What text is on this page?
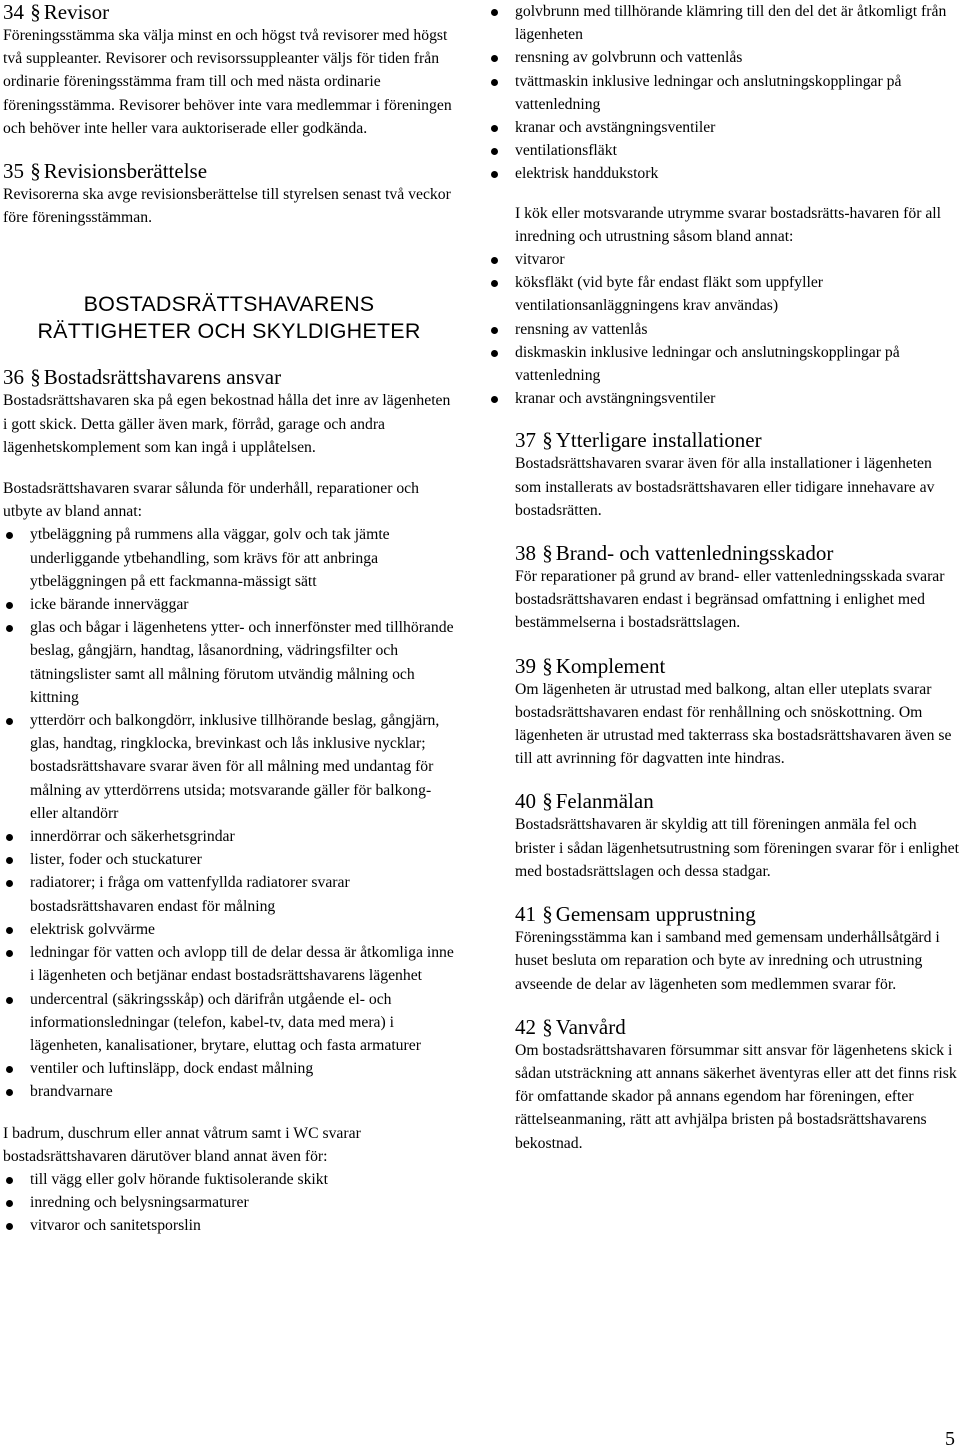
34 § Revisor

Föreningsstämma ska välja minst en och högst två revisorer med högst två suppleanter. Revisorer och revisorssuppleanter väljs för tiden från ordinarie föreningsstämma fram till och med nästa ordinarie föreningsstämma. Revisorer behöver inte vara medlemmar i föreningen och behöver inte heller vara auktoriserade eller godkända.

35 § Revisionsberättelse

Revisorerna ska avge revisionsberättelse till styrelsen senast två veckor före föreningsstämman.

BOSTADSRÄTTSHAVARENS

RÄTTIGHETER OCH SKYLDIGHETER

36 § Bostadsrättshavarens ansvar

Bostadsrättshavaren ska på egen bekostnad hålla det inre av lägenheten i gott skick. Detta gäller även mark, förråd, garage och andra lägenhetskomplement som kan ingå i upplåtelsen.

Bostadsrättshavaren svarar sålunda för underhåll, reparationer och utbyte av bland annat:

ytbeläggning på rummens alla väggar, golv och tak jämte underliggande ytbehandling, som krävs för att anbringa ytbeläggningen på ett fackmanna-mässigt sätt
icke bärande innerväggar
glas och bågar i lägenhetens ytter- och innerfönster med tillhörande beslag, gångjärn, handtag, låsanordning, vädringsfilter och tätningslister samt all målning förutom utvändig målning och kittning
ytterdörr och balkongdörr, inklusive tillhörande beslag, gångjärn, glas, handtag, ringklocka, brevinkast och lås inklusive nycklar; bostadsrättshavare svarar även för all målning med undantag för målning av ytterdörrens utsida; motsvarande gäller för balkong- eller altandörr
innerdörrar och säkerhetsgrindar
lister, foder och stuckaturer
radiatorer; i fråga om vattenfyllda radiatorer svarar bostadsrättshavaren endast för målning
elektrisk golvvärme
ledningar för vatten och avlopp till de delar dessa är åtkomliga inne i lägenheten och betjänar endast bostadsrättshavarens lägenhet
undercentral (säkringsskåp) och därifrån utgående el- och informationsledningar (telefon, kabel-tv, data med mera) i lägenheten, kanalisationer, brytare, eluttag och fasta armaturer
ventiler och luftinsläpp, dock endast målning
brandvarnare

I badrum, duschrum eller annat våtrum samt i WC svarar bostadsrättshavaren därutöver bland annat även för:

till vägg eller golv hörande fuktisolerande skikt
inredning och belysningsarmaturer
vitvaror och sanitetsporslin
golvbrunn med tillhörande klämring till den del det är åtkomligt från lägenheten
rensning av golvbrunn och vattenlås
tvättmaskin inklusive ledningar och anslutningskopplingar på vattenledning
kranar och avstängningsventiler
ventilationsfläkt
elektrisk handdukstork

I kök eller motsvarande utrymme svarar bostadsrätts-havaren för all inredning och utrustning såsom bland annat:

vitvaror
köksfläkt (vid byte får endast fläkt som uppfyller ventilationsanläggningens krav användas)
rensning av vattenlås
diskmaskin inklusive ledningar och anslutningskopplingar på vattenledning
kranar och avstängningsventiler

37 § Ytterligare installationer

Bostadsrättshavaren svarar även för alla installationer i lägenheten som installerats av bostadsrättshavaren eller tidigare innehavare av bostadsrätten.

38 § Brand- och vattenledningsskador

För reparationer på grund av brand- eller vattenledningsskada svarar bostadsrättshavaren endast i begränsad omfattning i enlighet med bestämmelserna i bostadsrättslagen.

39 § Komplement

Om lägenheten är utrustad med balkong, altan eller uteplats svarar bostadsrättshavaren endast för renhållning och snöskottning. Om lägenheten är utrustad med takterrass ska bostadsrättshavaren även se till att avrinning för dagvatten inte hindras.

40 § Felanmälan

Bostadsrättshavaren är skyldig att till föreningen anmäla fel och brister i sådan lägenhetsutrustning som föreningen svarar för i enlighet med bostadsrättslagen och dessa stadgar.

41 § Gemensam upprustning

Föreningsstämma kan i samband med gemensam underhållsåtgärd i huset besluta om reparation och byte av inredning och utrustning avseende de delar av lägenheten som medlemmen svarar för.

42 § Vanvård

Om bostadsrättshavaren försummar sitt ansvar för lägenhetens skick i sådan utsträckning att annans säkerhet äventyras eller att det finns risk för omfattande skador på annans egendom har föreningen, efter rättelseanmaning, rätt att avhjälpa bristen på bostadsrättshavarens bekostnad.

5
